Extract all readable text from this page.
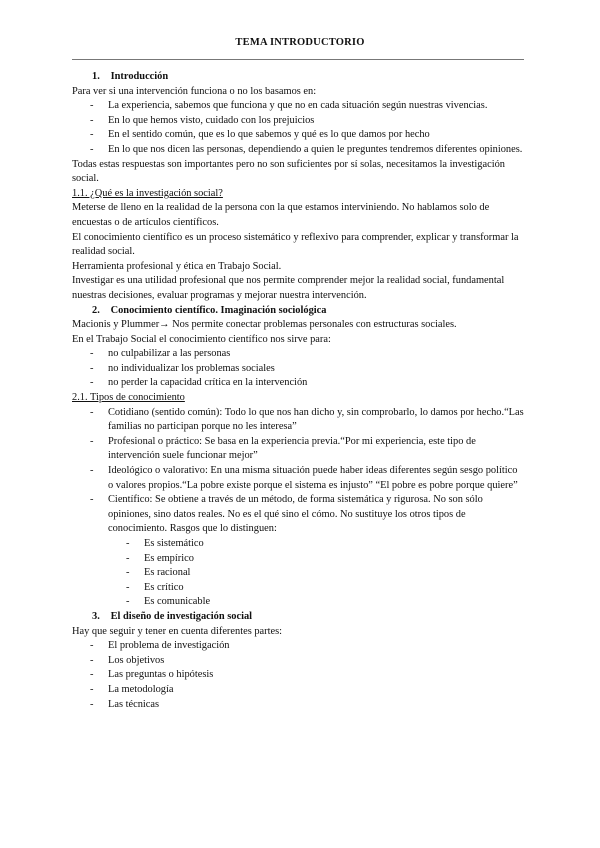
TEMA INTRODUCTORIO
1. Introducción
Para ver si una intervención funciona o no los basamos en:
- La experiencia, sabemos que funciona y que no en cada situación según nuestras vivencias.
- En lo que hemos visto, cuidado con los prejuicios
- En el sentido común, que es lo que sabemos y qué es lo que damos por hecho
- En lo que nos dicen las personas, dependiendo a quien le preguntes tendremos diferentes opiniones.
Todas estas respuestas son importantes pero no son suficientes por sí solas, necesitamos la investigación social.
1.1. ¿Qué es la investigación social?
Meterse de lleno en la realidad de la persona con la que estamos interviniendo. No hablamos solo de encuestas o de artículos científicos.
El conocimiento científico es un proceso sistemático y reflexivo para comprender, explicar y transformar la realidad social.
Herramienta profesional y ética en Trabajo Social.
Investigar es una utilidad profesional que nos permite comprender mejor la realidad social, fundamental nuestras decisiones, evaluar programas y mejorar nuestra intervención.
2. Conocimiento científico. Imaginación sociológica
Macionis y Plummer→ Nos permite conectar problemas personales con estructuras sociales.
En el Trabajo Social el conocimiento científico nos sirve para:
- no culpabilizar a las personas
- no individualizar los problemas sociales
- no perder la capacidad crítica en la intervención
2.1. Tipos de conocimiento
- Cotidiano (sentido común): Todo lo que nos han dicho y, sin comprobarlo, lo damos por hecho.“Las familias no participan porque no les interesa”
- Profesional o práctico: Se basa en la experiencia previa.“Por mi experiencia, este tipo de intervención suele funcionar mejor”
- Ideológico o valorativo: En una misma situación puede haber ideas diferentes según sesgo político o valores propios.“La pobre existe porque el sistema es injusto” “El pobre es pobre porque quiere”
- Científico: Se obtiene a través de un método, de forma sistemática y rigurosa. No son sólo opiniones, sino datos reales. No es el qué sino el cómo. No sustituye los otros tipos de conocimiento. Rasgos que lo distinguen:
- Es sistemático
- Es empírico
- Es racional
- Es crítico
- Es comunicable
3. El diseño de investigación social
Hay que seguir y tener en cuenta diferentes partes:
- El problema de investigación
- Los objetivos
- Las preguntas o hipótesis
- La metodología
- Las técnicas
